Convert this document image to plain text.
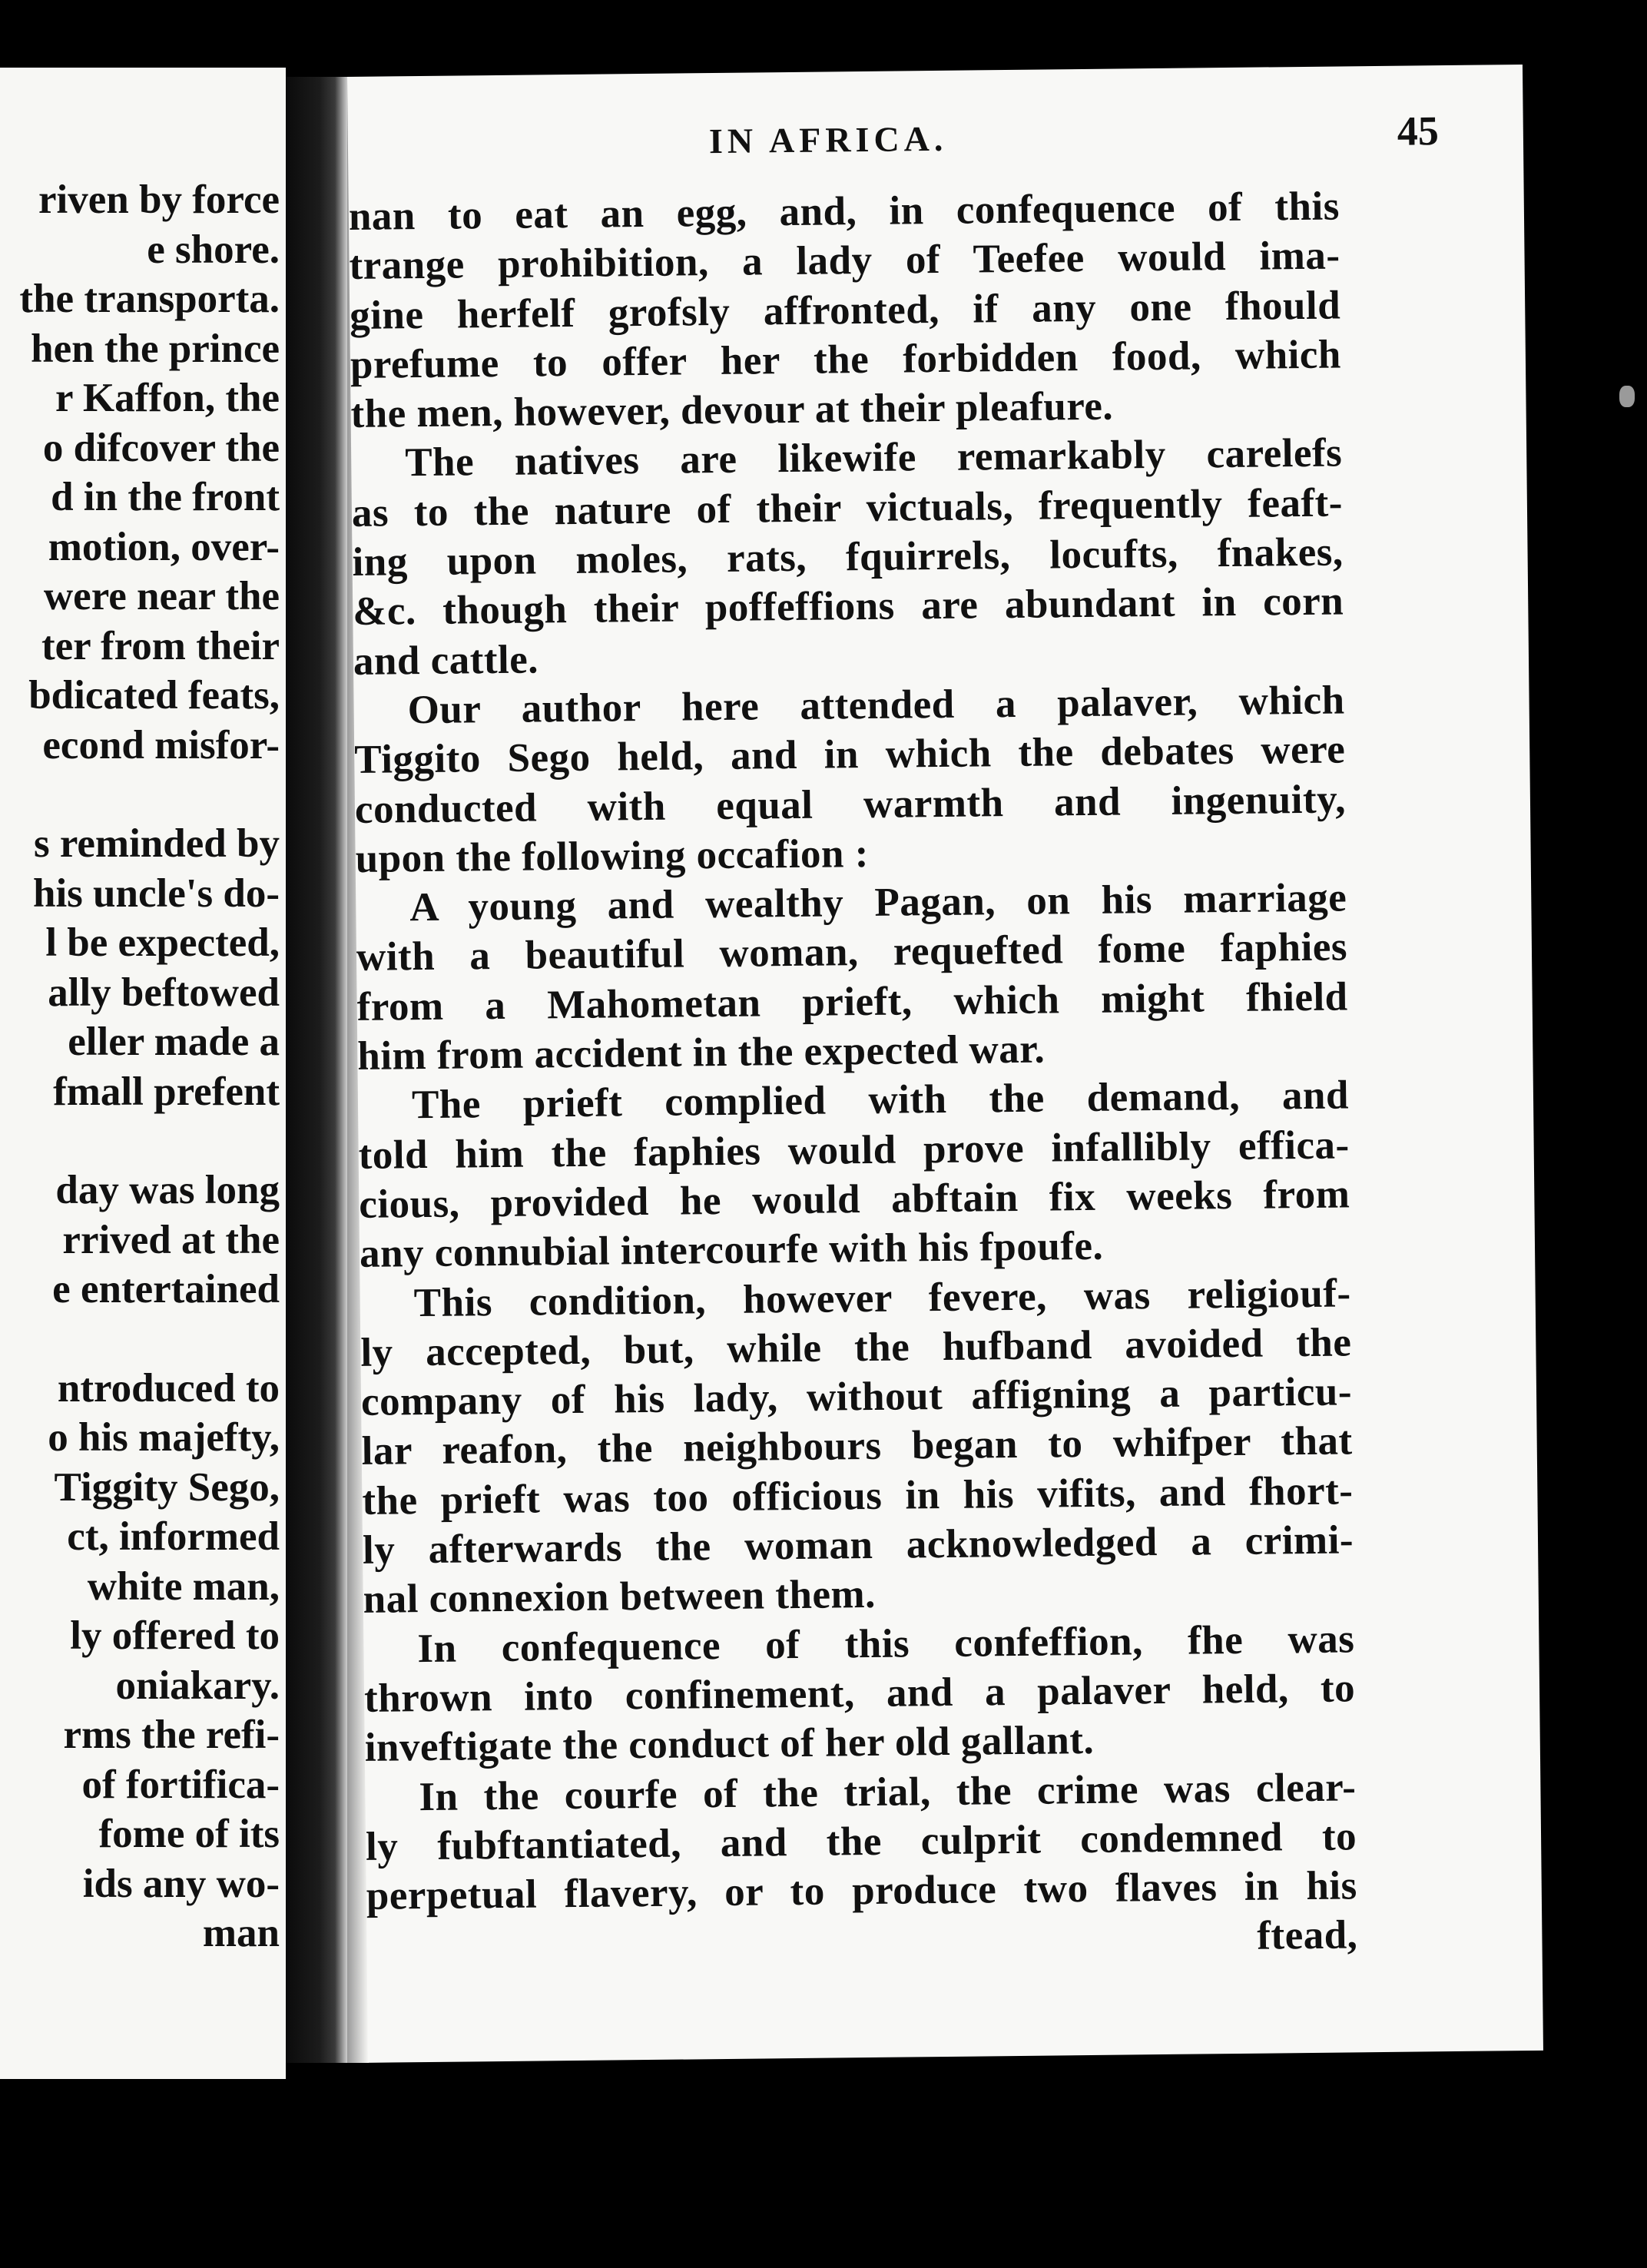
riven by force
e shore.
the transporta.
hen the prince
r Kaffon, the
o difcover the
d in the front
motion, over-
were near the
ter from their
bdicated feats,
econd misfor-
s reminded by
his uncle's do-
l be expected,
ally beftowed
eller made a
fmall prefent
day was long
rrived at the
e entertained
ntroduced to
o his majefty,
Tiggity Sego,
ct, informed
white man,
ly offered to
oniakary.
rms the refi-
of fortifica-
fome of its
ids any wo-
man
IN AFRICA.	45
nan to eat an egg, and, in confequence of this
trange prohibition, a lady of Teefee would ima-
gine herfelf grofsly affronted, if any one fhould
prefume to offer her the forbidden food, which
the men, however, devour at their pleafure.
The natives are likewife remarkably carelefs
as to the nature of their victuals, frequently feaft-
ing upon moles, rats, fquirrels, locufts, fnakes,
&c. though their poffeffions are abundant in corn
and cattle.
Our author here attended a palaver, which
Tiggito Sego held, and in which the debates were
conducted with equal warmth and ingenuity,
upon the following occafion :
A young and wealthy Pagan, on his marriage
with a beautiful woman, requefted fome faphies
from a Mahometan prieft, which might fhield
him from accident in the expected war.
The prieft complied with the demand, and
told him the faphies would prove infallibly effica-
cious, provided he would abftain fix weeks from
any connubial intercourfe with his fpoufe.
This condition, however fevere, was religiouf-
ly accepted, but, while the hufband avoided the
company of his lady, without affigning a particu-
lar reafon, the neighbours began to whifper that
the prieft was too officious in his vifits, and fhort-
ly afterwards the woman acknowledged a crimi-
nal connexion between them.
In confequence of this confeffion, fhe was
thrown into confinement, and a palaver held, to
inveftigate the conduct of her old gallant.
In the courfe of the trial, the crime was clear-
ly fubftantiated, and the culprit condemned to
perpetual flavery, or to produce two flaves in his
ftead,
